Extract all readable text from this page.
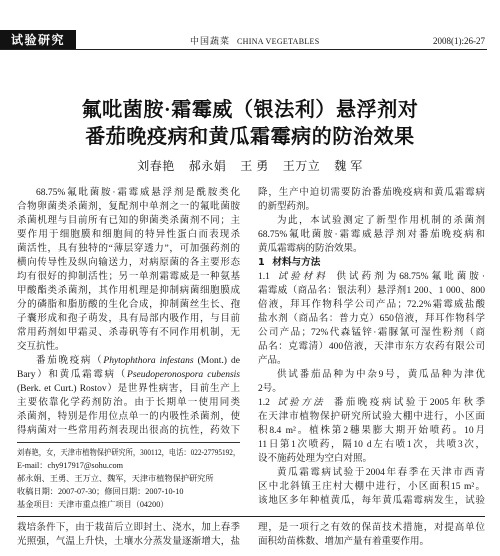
试验研究	中国蔬菜 CHINA VEGETABLES	2008(1):26-27
氟吡菌胺·霜霉威（银法利）悬浮剂对
番茄晚疫病和黄瓜霜霉病的防治效果
刘春艳 郝永娟 王 勇 王万立 魏 军
68.75%氟吡菌胺·霜霉威悬浮剂是酰胺类化
合物卵菌类杀菌剂，复配剂中单剂之一的氟吡菌胺
杀菌机理与目前所有已知的卵菌类杀菌剂不同；主
要作用于细胞膜和细胞间的特异性蛋白而表现杀
菌活性，具有独特的“薄层穿透力”，可加强药剂的
横向传导性及纵向输送力，对病原菌的各主要形态
均有很好的抑制活性；另一单剂霜霉威是一种氨基
甲酸酯类杀菌剂，其作用机理是抑制病菌细胞膜成
分的磷脂和脂肪酸的生化合成，抑制菌丝生长、孢
子囊形成和孢子萌发，具有局部内吸作用，与目前
常用药剂如甲霜灵、杀毒矾等有不同作用机制，无
交互抗性。
番茄晚疫病（Phytophthora infestans (Mont.) de
Bary）和黄瓜霜霉病（Pseudoperonospora cubensis
(Berk. et Curt.) Rostov）是世界性病害，目前生产上
主要依靠化学药剂防治。由于长期单一使用同类
杀菌剂，特别是作用位点单一的内吸性杀菌剂，使
得病菌对一些常用药剂表现出很高的抗性，药效下
刘春艳，女，天津市植物保护研究所，300112，电话：022-27795192，
E-mail：chy917917@sohu.com
郝永娟、王勇、王万立、魏军，天津市植物保护研究所
收稿日期：2007-07-30；修回日期：2007-10-10
基金项目：天津市重点推广项目（04200）
降，生产中迫切需要防治番茄晚疫病和黄瓜霜霉病
的新型药剂。
为此，本试验测定了新型作用机制的杀菌剂
68.75%氟吡菌胺·霜霉威悬浮剂对番茄晚疫病和
黄瓜霜霉病的防治效果。
1 材料与方法
1.1 试验材料 供试药剂为68.75%氟吡菌胺·
霜霉威（商品名：银法利）悬浮剂1 200、1 000、800
倍液，拜耳作物科学公司产品；72.2%霜霉威盐酸
盐水剂（商品名：普力克）650倍液，拜耳作物科学
公司产品；72%代森锰锌·霜脲氰可湿性粉剂（商
品名：克霉清）400倍液，天津市东方农药有限公司
产品。
供试番茄品种为中杂9号，黄瓜品种为津优
2号。
1.2 试验方法 番茄晚疫病试验于2005年秋季
在天津市植物保护研究所试验大棚中进行，小区面
积8.4 m²。植株第2穗果膨大期开始喷药。10月
11日第1次喷药，隔10 d左右喷1次，共喷3次，
设不施药处理为空白对照。
黄瓜霜霉病试验于2004年春季在天津市西青
区中北斜镇王庄村大棚中进行，小区面积15 m²。
该地区多年种植黄瓜，每年黄瓜霜霉病发生，试验
栽培条件下，由于栽苗后立即封土、浇水，加上春季
光照强，气温上升快，土壤水分蒸发量逐渐增大，盐
理，是一项行之有效的保苗技术措施，对提高单位
面积幼苗株数、增加产量有着重要作用。
